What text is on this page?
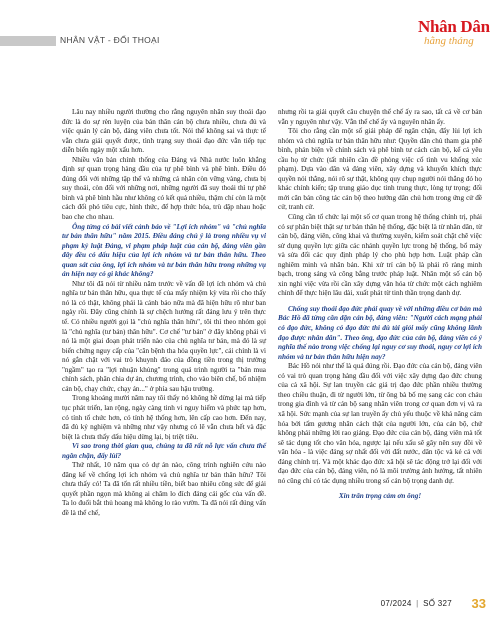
NHÂN VẬT - ĐỐI THOẠI
Nhân Dân
hằng tháng

Lâu nay nhiều người thường cho rằng nguyên nhân suy thoái đạo đức là do sự rèn luyện của bản thân cán bộ chưa nhiều, chưa đủ và việc quản lý cán bộ, đảng viên chưa tốt. Nói thế không sai và thực tế vẫn chưa giải quyết được, tình trạng suy thoái đạo đức vẫn tiếp tục diễn biến ngày một xấu hơn.

Nhiều văn bản chính thống của Đảng và Nhà nước luôn khẳng định sự quan trọng hàng đầu của tự phê bình và phê bình. Điều đó đúng đối với những tập thể và những cá nhân còn vững vàng, chưa bị suy thoái, còn đối với những nơi, những người đã suy thoái thì tự phê bình và phê bình hầu như không có kết quả nhiều, thậm chí còn là một cách đối phó tiêu cực, hình thức, để hợp thức hóa, trù dập nhau hoặc bao che cho nhau.

Ông từng có bài viết cảnh báo về "Lợi ích nhóm" và "chủ nghĩa tư bản thân hữu" năm 2015. Điều đáng chú ý là trong nhiều vụ vi phạm kỷ luật Đảng, vi phạm pháp luật của cán bộ, đảng viên gần đây đều có dấu hiệu của lợi ích nhóm và tư bản thân hữu. Theo quan sát của ông, lợi ích nhóm và tư bản thân hữu trong những vụ án hiện nay có gì khác không?

Như tôi đã nói từ nhiều năm trước về vấn đề lợi ích nhóm và chủ nghĩa tư bản thân hữu, qua thực tế của mấy nhiệm kỳ vừa rồi cho thấy nó là có thật, không phải là cảnh báo nữa mà đã hiện hữu rõ như ban ngày rồi. Đây cũng chính là sự chệch hướng rất đáng lưu ý trên thực tế. Có nhiều người gọi là "chủ nghĩa thân hữu", tôi thì theo nhóm gọi là "chủ nghĩa (tư bản) thân hữu". Cơ chế "tư bản" ở đây không phải vì nó là một giai đoạn phát triển nào của chủ nghĩa tư bản, mà đó là sự biến chứng nguy cấp của "căn bệnh tha hóa quyền lực", cái chính là vì nó gắn chặt với vai trò khuynh đảo của đồng tiền trong thị trường "ngầm" tạo ra "lợi nhuận khủng" trong quá trình người ta "bán mua chính sách, phân chia dự án, chương trình, cho vào biên chế, bổ nhiệm cán bộ, chạy chức, chạy án..." ở phía sau hậu trường.

Trong khoảng mười năm nay tôi thấy nó không hề dừng lại mà tiếp tục phát triển, lan rộng, ngày càng tinh vi nguy hiểm và phức tạp hơn, có tính tổ chức hơn, có tính hệ thống hơn, lên cấp cao hơn. Đến nay, đã đủ kỷ nghiệm và những như vậy nhưng có lẽ vẫn chưa hết và đặc biệt là chưa thấy dấu hiệu dừng lại, bị triệt tiêu.

Vì sao trong thời gian qua, chúng ta đã rất nỗ lực vấn chưa thể ngăn chặn, đẩy lùi?

Thứ nhất, 10 năm qua có dự án nào, công trình nghiên cứu nào đăng kế về chống lợi ích nhóm và chủ nghĩa tư bản thân hữu? Tôi chưa thấy có! Ta đã tổn rất nhiều tiền, biết bao nhiêu công sức để giải quyết phần ngọn mà không ai chăm lo đích đáng cái gốc của vấn đề. Ta lo đuổi bắt thủ hoang mà không lo rào vườn. Ta đã nói rất đúng vấn đề là thể chế,

nhưng rồi ta giải quyết câu chuyện thể chế ấy ra sao, tất cả về cơ bản vẫn y nguyên như vậy. Vẫn thể chế ấy và nguyên nhân ấy.

Tôi cho rằng cần một số giải pháp để ngăn chặn, đẩy lùi lợi ích nhóm và chủ nghĩa tư bản thân hữu như: Quyền dân chủ tham gia phê bình, phản biện về chính sách và phê bình tư cách cán bộ, kể cả yêu cầu họ từ chức (tất nhiên cần đề phòng việc cố tình vu khống xúc phạm). Dựa vào dân và đảng viên, xây dựng và khuyến khích thực quyền nói thẳng, nói rõ sự thật, không quy chụp người nói thẳng đó họ khác chính kiến; tập trung giáo dục tinh trung thực, lòng tự trọng; đối mới căn bản công tác cán bộ theo hướng dân chủ hơn trong ứng cử đề cử, tranh cử.

Cũng cần tổ chức lại một số cơ quan trong hệ thống chính trị, phải có sự phân biệt thật sự tư bản thân hệ thống, đặc biệt là từ nhân dân, từ cán bộ, đảng viên, công khai và thường xuyên, kiểm soát chặt chẽ việc sử dụng quyền lực giữa các nhánh quyền lực trong hệ thống, bổ máy và sửa đổi các quy định pháp lý cho phù hợp hơn. Luật pháp cần nghiêm minh và nhân bản. Khi xử trí cán bộ là phải rõ ràng minh bạch, trong sáng và công bằng trước pháp luật. Nhân một số cán bộ xin nghỉ việc vừa rồi cần xây dựng văn hóa từ chức một cách nghiêm chỉnh để thực hiện lâu dài, xuất phát từ tinh thần trọng danh dự.

Chống suy thoái đạo đức phải quay về với những điều cơ bản mà Bác Hồ đã từng căn dặn cán bộ, đảng viên: "Người cách mạng phải có đạo đức, không có đạo đức thì dù tài giỏi mấy cũng không lãnh đạo được nhân dân". Theo ông, đạo đức của cán bộ, đảng viên có ý nghĩa thế nào trong việc chống lại nguy cơ suy thoái, nguy cơ lợi ích nhóm và tư bản thân hữu hiện nay?

Bác Hồ nói như thế là quá đúng rồi. Đạo đức của cán bộ, đảng viên có vai trò quan trọng hàng đầu đối với việc xây dựng đạo đức chung của cả xã hội. Sự lan truyền các giá trị đạo đức phần nhiều thường theo chiều thuận, đi từ người lớn, từ ông bà bố mẹ sang các con cháu trong gia đình và từ cán bộ sang nhân viên trong cơ quan đơn vị và ra xã hội. Sức mạnh của sự lan truyền ấy chủ yếu thuộc về khả năng cảm hóa bởi tấm gương nhân cách thật của người lớn, của cán bộ, chứ không phải những lời rao giảng. Đạo đức của cán bộ, đảng viên mà tốt sẽ tác dụng tốt cho văn hóa, ngược lại nếu xấu sẽ gây nên suy đồi về văn hóa - là việc đáng sợ nhất đối với đất nước, dân tộc và kẻ cả với đảng chính trị. Và một khác đạo đức xã hội sẽ tác động trở lại đối với đạo đức của cán bộ, đảng viên, nó là môi trường ảnh hưởng, tất nhiên nó cũng chỉ có tác dụng nhiều trong số cán bộ trọng danh dự.

Xin trân trọng cảm ơn ông!

07/2024 | SỐ 327 33
